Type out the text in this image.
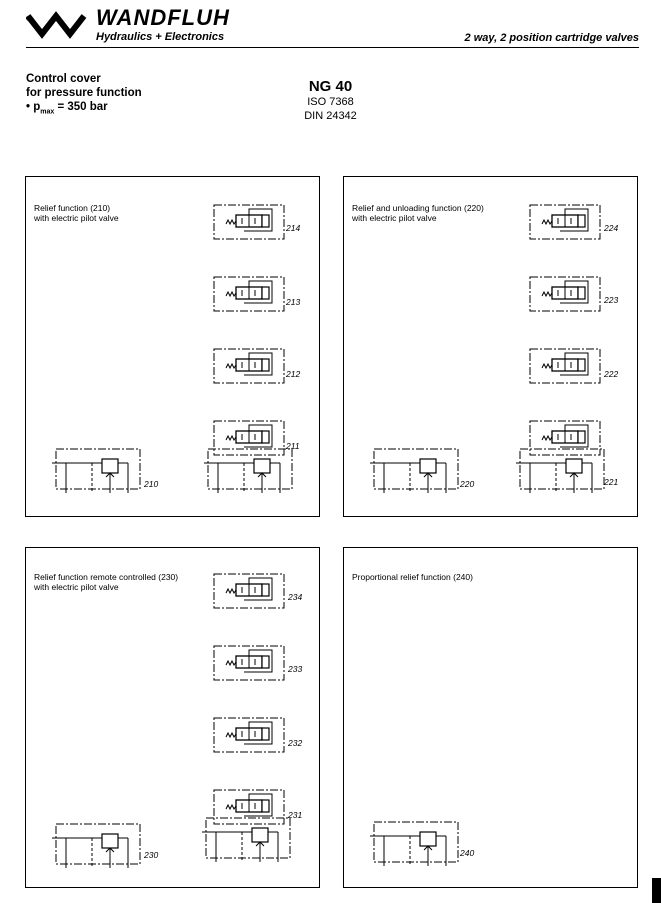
®	WANDFLUH
Hydraulics + Electronics	2 way, 2 position cartridge valves
Control cover
for pressure function
• $p_{max} = 350$ bar
NG 40
ISO 7368
DIN 24342
Relief function (210)
with electric pilot valve
214
213
212
211
210
Relief and unloading function (220)
with electric pilot valve
224
223
222
221
220
Relief function remote controlled (230)
with electric pilot valve
234
233
232
231
230
Proportional relief function (240)
240
